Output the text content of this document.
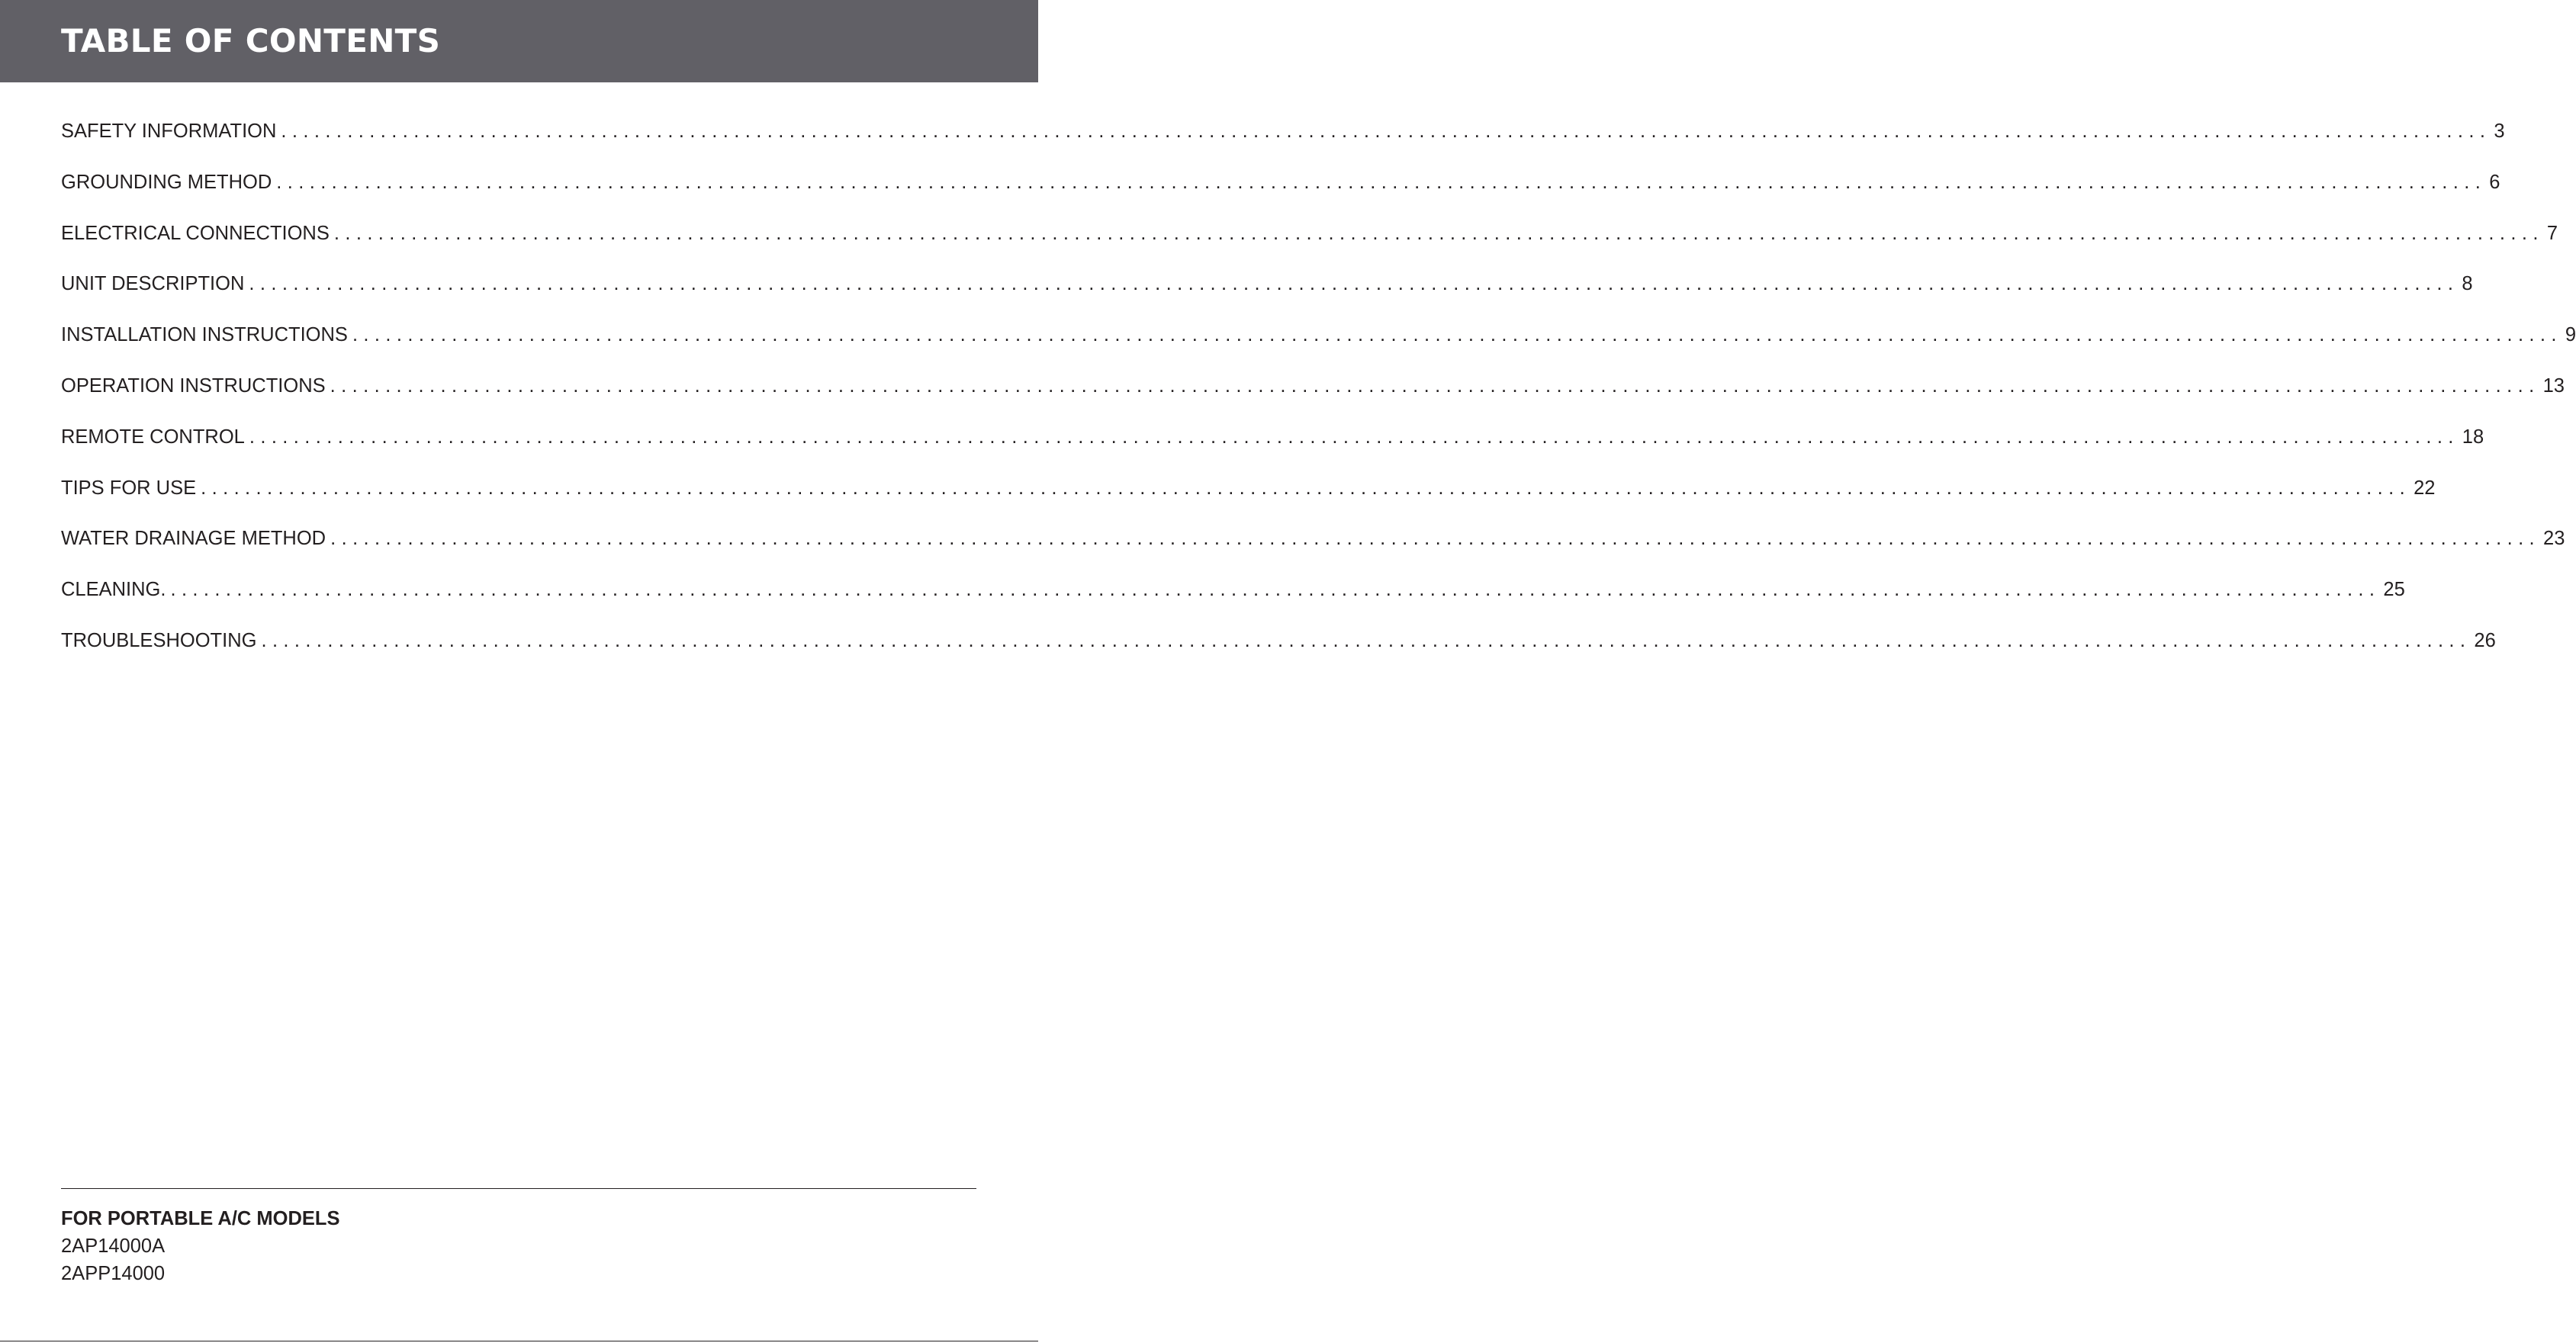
TABLE OF CONTENTS
SAFETY INFORMATION ........................................................................................................................................................................................................ 3
GROUNDING METHOD ........................................................................................................................................................................................................ 6
ELECTRICAL CONNECTIONS ........................................................................................................................................................................................................ 7
UNIT DESCRIPTION ........................................................................................................................................................................................................ 8
INSTALLATION INSTRUCTIONS ........................................................................................................................................................................................................ 9
OPERATION INSTRUCTIONS ........................................................................................................................................................................................................ 13
REMOTE CONTROL ........................................................................................................................................................................................................ 18
TIPS FOR USE ........................................................................................................................................................................................................ 22
WATER DRAINAGE METHOD ........................................................................................................................................................................................................ 23
CLEANING. ........................................................................................................................................................................................................ 25
TROUBLESHOOTING ........................................................................................................................................................................................................ 26

FOR PORTABLE A/C MODELS

2AP14000A

2APP14000
